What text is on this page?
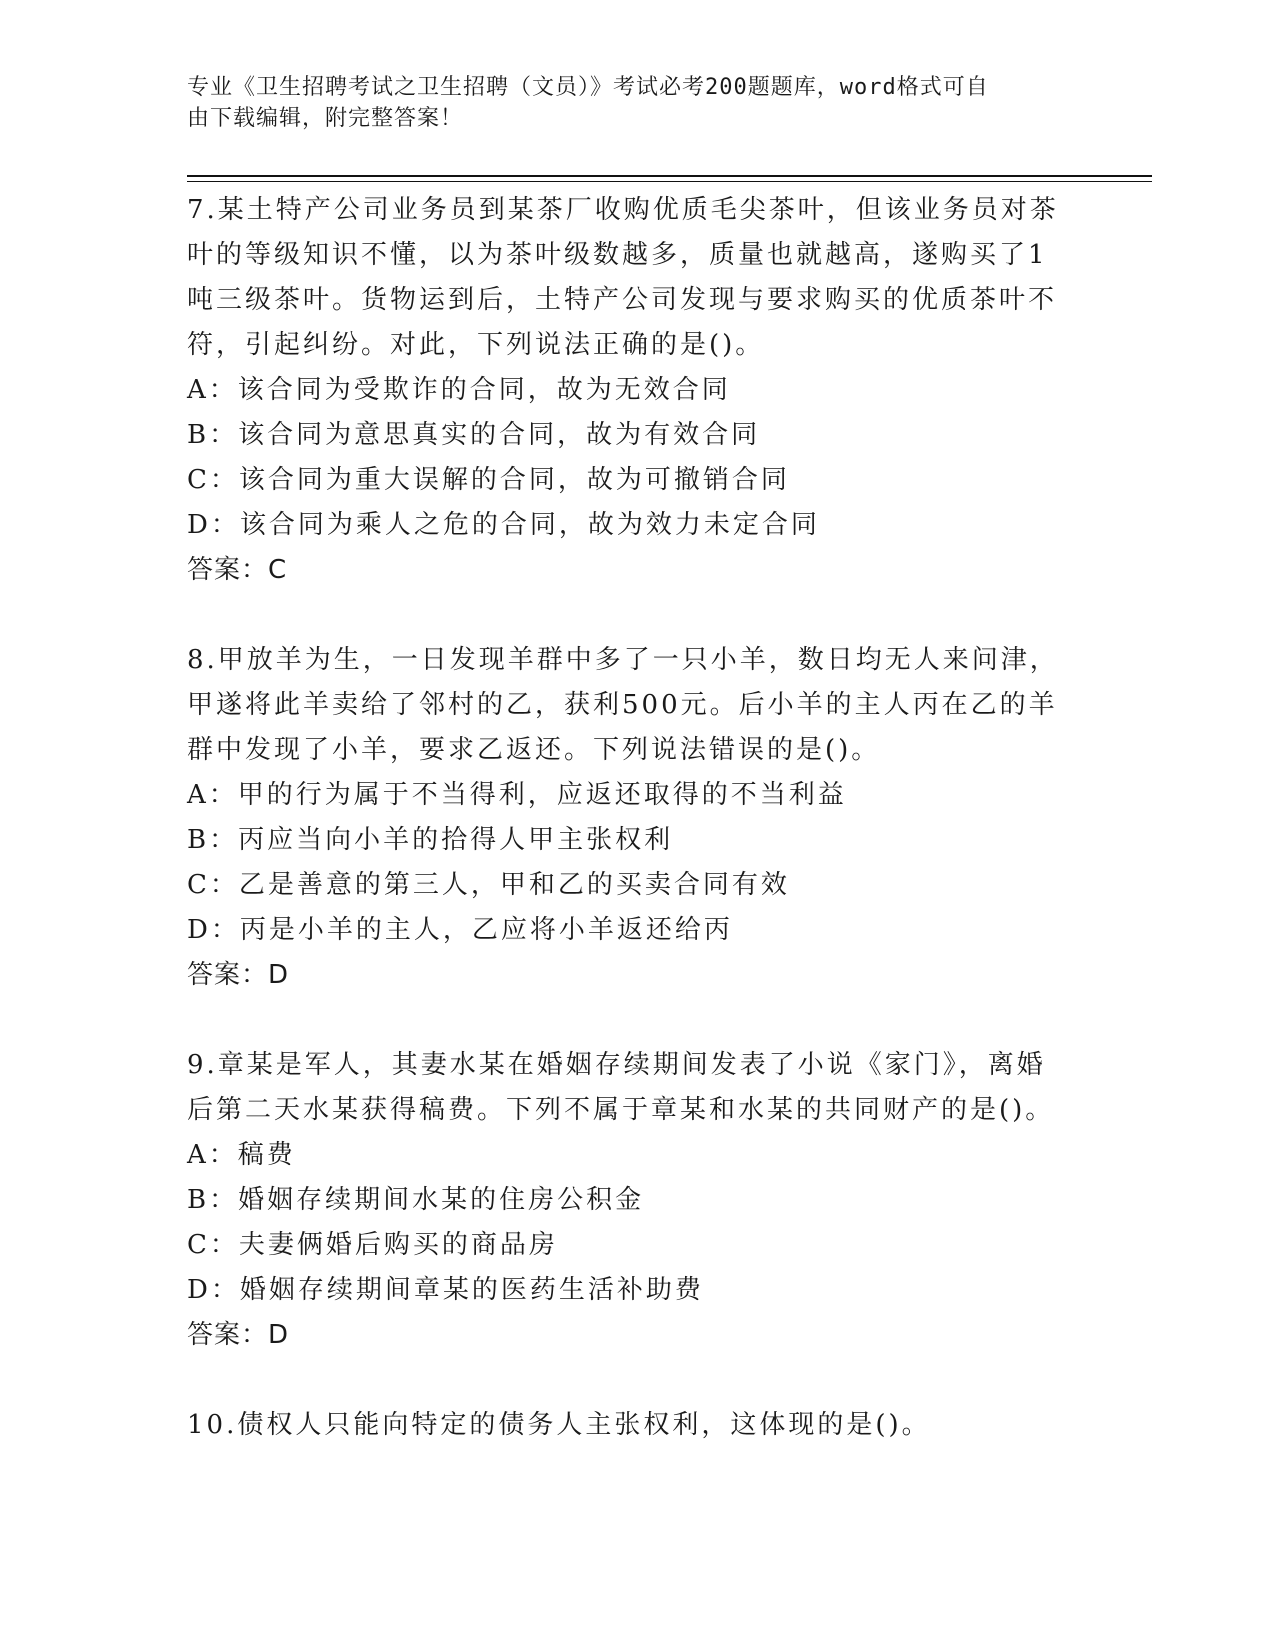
专业《卫生招聘考试之卫生招聘（文员）》考试必考200题题库，word格式可自
由下载编辑，附完整答案！

7.某土特产公司业务员到某茶厂收购优质毛尖茶叶，但该业务员对茶叶的等级知识不懂，以为茶叶级数越多，质量也就越高，遂购买了1吨三级茶叶。货物运到后，土特产公司发现与要求购买的优质茶叶不符，引起纠纷。对此，下列说法正确的是()。

A：该合同为受欺诈的合同，故为无效合同

B：该合同为意思真实的合同，故为有效合同

C：该合同为重大误解的合同，故为可撤销合同

D：该合同为乘人之危的合同，故为效力未定合同

答案：C

8.甲放羊为生，一日发现羊群中多了一只小羊，数日均无人来问津，甲遂将此羊卖给了邻村的乙，获利500元。后小羊的主人丙在乙的羊群中发现了小羊，要求乙返还。下列说法错误的是()。

A：甲的行为属于不当得利，应返还取得的不当利益

B：丙应当向小羊的拾得人甲主张权利

C：乙是善意的第三人，甲和乙的买卖合同有效

D：丙是小羊的主人，乙应将小羊返还给丙

答案：D

9.章某是军人，其妻水某在婚姻存续期间发表了小说《家门》，离婚后第二天水某获得稿费。下列不属于章某和水某的共同财产的是()。

A：稿费

B：婚姻存续期间水某的住房公积金

C：夫妻俩婚后购买的商品房

D：婚姻存续期间章某的医药生活补助费

答案：D

10.债权人只能向特定的债务人主张权利，这体现的是()。
